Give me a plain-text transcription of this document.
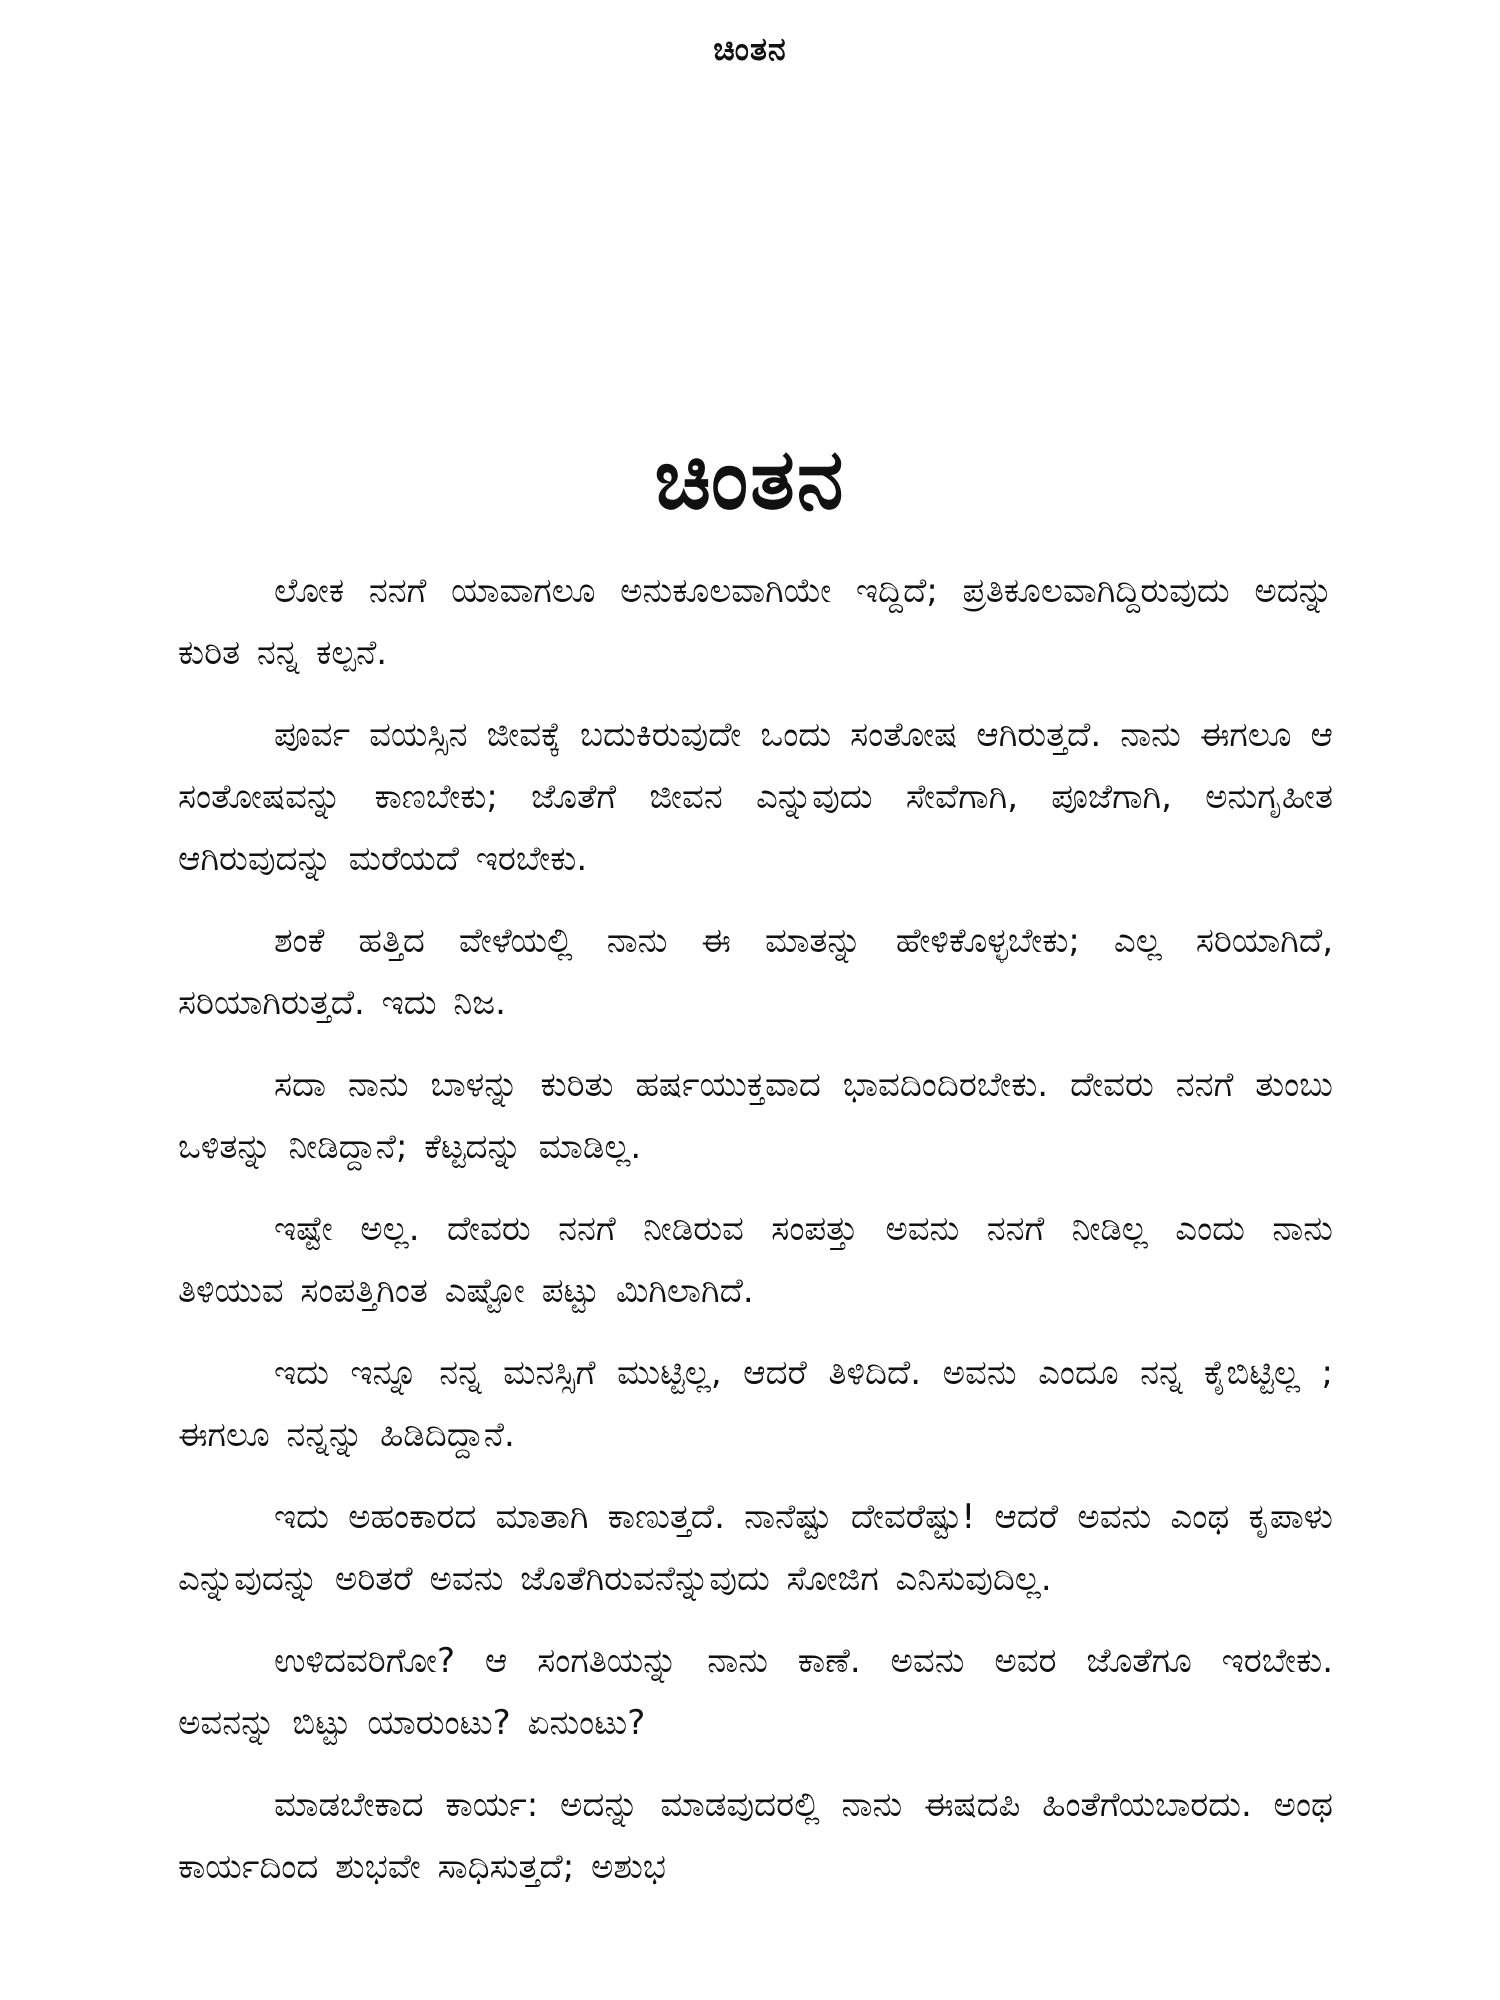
ಚಿಂತನ
ಚಿಂತನ

ಲೋಕ ನನಗೆ ಯಾವಾಗಲೂ ಅನುಕೂಲವಾಗಿಯೇ ಇದ್ದಿದೆ; ಪ್ರತಿಕೂಲವಾಗಿದ್ದಿರುವುದು ಅದನ್ನು ಕುರಿತ ನನ್ನ ಕಲ್ಪನೆ.

ಪೂರ್ವ ವಯಸ್ಸಿನ ಜೀವಕ್ಕೆ ಬದುಕಿರುವುದೇ ಒಂದು ಸಂತೋಷ ಆಗಿರುತ್ತದೆ. ನಾನು ಈಗಲೂ ಆ ಸಂತೋಷವನ್ನು ಕಾಣಬೇಕು; ಜೊತೆಗೆ ಜೀವನ ಎನ್ನುವುದು ಸೇವೆಗಾಗಿ, ಪೂಜೆಗಾಗಿ, ಅನುಗೃಹೀತ ಆಗಿರುವುದನ್ನು ಮರೆಯದೆ ಇರಬೇಕು.

ಶಂಕೆ ಹತ್ತಿದ ವೇಳೆಯಲ್ಲಿ ನಾನು ಈ ಮಾತನ್ನು ಹೇಳಿಕೊಳ್ಳಬೇಕು; ಎಲ್ಲ ಸರಿಯಾಗಿದೆ, ಸರಿಯಾಗಿರುತ್ತದೆ. ಇದು ನಿಜ.

ಸದಾ ನಾನು ಬಾಳನ್ನು ಕುರಿತು ಹರ್ಷಯುಕ್ತವಾದ ಭಾವದಿಂದಿರಬೇಕು. ದೇವರು ನನಗೆ ತುಂಬು ಒಳಿತನ್ನು ನೀಡಿದ್ದಾನೆ; ಕೆಟ್ಟದನ್ನು ಮಾಡಿಲ್ಲ.

ಇಷ್ಟೇ ಅಲ್ಲ. ದೇವರು ನನಗೆ ನೀಡಿರುವ ಸಂಪತ್ತು ಅವನು ನನಗೆ ನೀಡಿಲ್ಲ ಎಂದು ನಾನು ತಿಳಿಯುವ ಸಂಪತ್ತಿಗಿಂತ ಎಷ್ಟೋ ಪಟ್ಟು ಮಿಗಿಲಾಗಿದೆ.

ಇದು ಇನ್ನೂ ನನ್ನ ಮನಸ್ಸಿಗೆ ಮುಟ್ಟಿಲ್ಲ, ಆದರೆ ತಿಳಿದಿದೆ. ಅವನು ಎಂದೂ ನನ್ನ ಕೈಬಿಟ್ಟಿಲ್ಲ ; ಈಗಲೂ ನನ್ನನ್ನು ಹಿಡಿದಿದ್ದಾನೆ.

ಇದು ಅಹಂಕಾರದ ಮಾತಾಗಿ ಕಾಣುತ್ತದೆ. ನಾನೆಷ್ಟು ದೇವರೆಷ್ಟು! ಆದರೆ ಅವನು ಎಂಥ ಕೃಪಾಳು ಎನ್ನುವುದನ್ನು ಅರಿತರೆ ಅವನು ಜೊತೆಗಿರುವನೆನ್ನುವುದು ಸೋಜಿಗ ಎನಿಸುವುದಿಲ್ಲ.

ಉಳಿದವರಿಗೋ? ಆ ಸಂಗತಿಯನ್ನು ನಾನು ಕಾಣೆ. ಅವನು ಅವರ ಜೊತೆಗೂ ಇರಬೇಕು. ಅವನನ್ನು ಬಿಟ್ಟು ಯಾರುಂಟು? ಏನುಂಟು?

ಮಾಡಬೇಕಾದ ಕಾರ್ಯ: ಅದನ್ನು ಮಾಡವುದರಲ್ಲಿ ನಾನು ಈಷದಪಿ ಹಿಂತೆಗೆಯಬಾರದು. ಅಂಥ ಕಾರ್ಯದಿಂದ ಶುಭವೇ ಸಾಧಿಸುತ್ತದೆ; ಅಶುಭ
